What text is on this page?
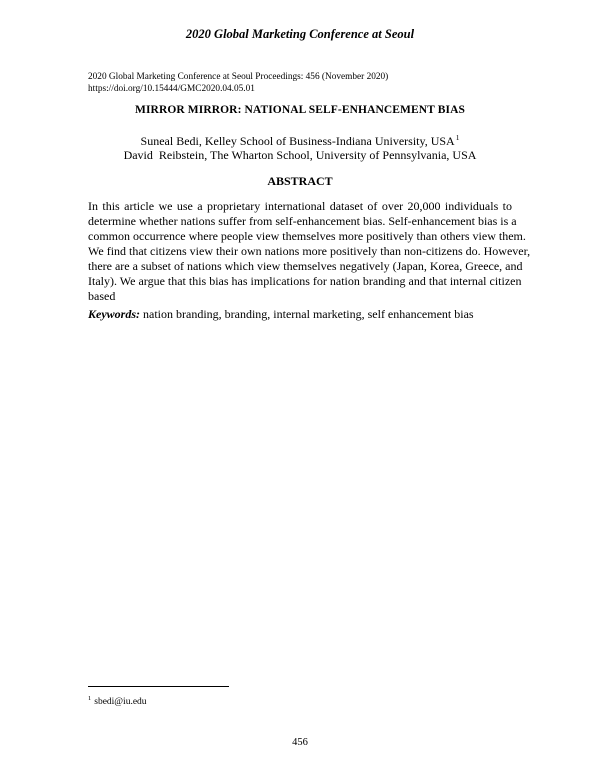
2020 Global Marketing Conference at Seoul

2020 Global Marketing Conference at Seoul Proceedings: 456 (November 2020)

https://doi.org/10.15444/GMC2020.04.05.01

MIRROR MIRROR: NATIONAL SELF-ENHANCEMENT BIAS

Suneal Bedi, Kelley School of Business-Indiana University, USA$^1$

David  Reibstein, The Wharton School, University of Pennsylvania, USA

ABSTRACT

In this article we use a proprietary international dataset of over 20,000 individuals to
determine whether nations suffer from self-enhancement bias. Self-enhancement bias is a
common occurrence where people view themselves more positively than others view them.
We find that citizens view their own nations more positively than non-citizens do. However,
there are a subset of nations which view themselves negatively (Japan, Korea, Greece, and
Italy). We argue that this bias has implications for nation branding and that internal citizen
based

Keywords: nation branding, branding, internal marketing, self enhancement bias

$^1$ sbedi@iu.edu

456
